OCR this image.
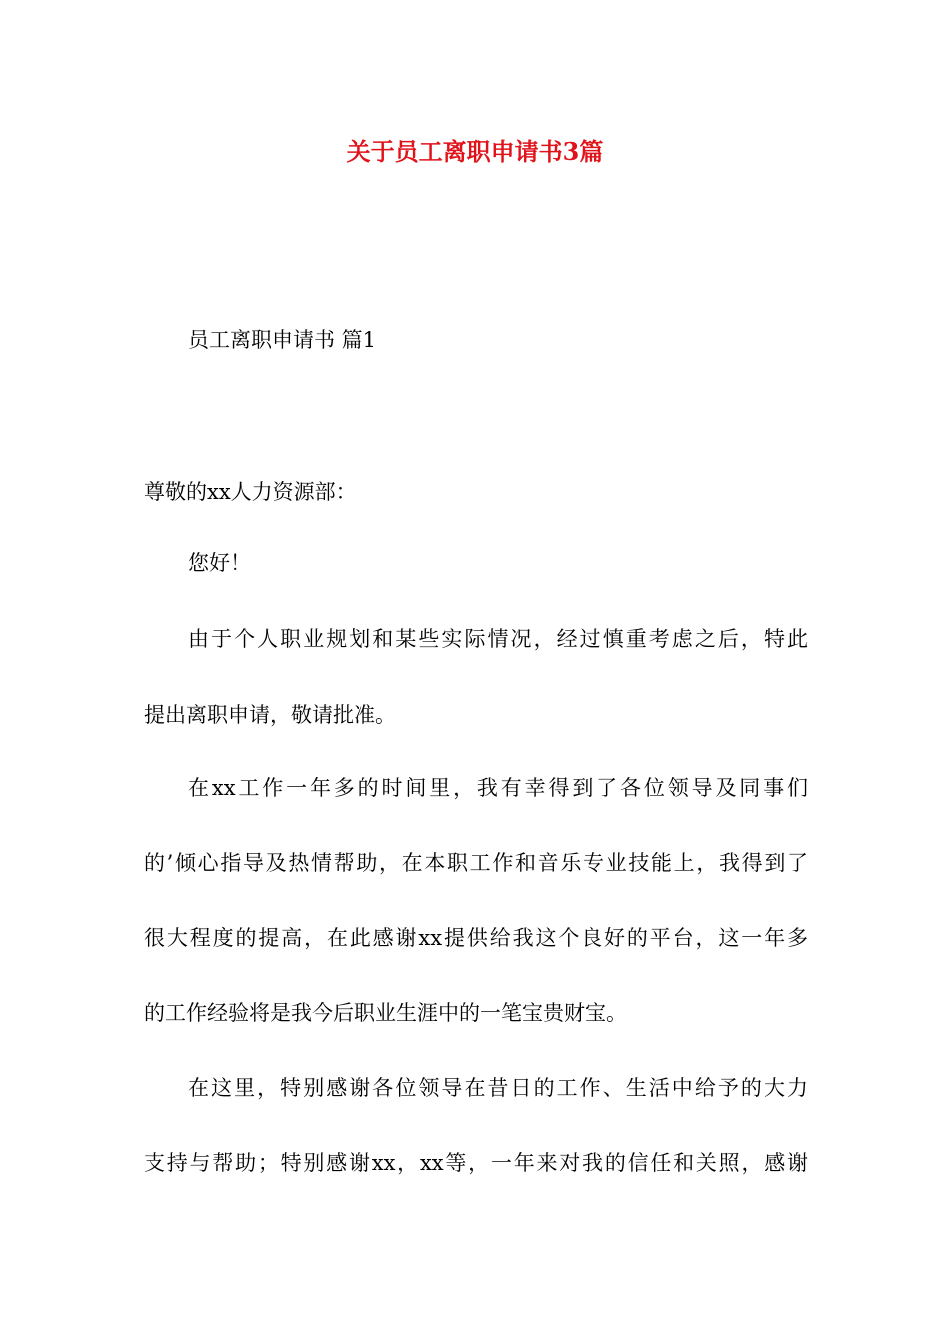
关于员工离职申请书3篇
员工离职申请书 篇1
尊敬的xx人力资源部：
您好！
由于个人职业规划和某些实际情况，经过慎重考虑之后，特此
提出离职申请，敬请批准。
在xx工作一年多的时间里，我有幸得到了各位领导及同事们
的’倾心指导及热情帮助，在本职工作和音乐专业技能上，我得到了
很大程度的提高，在此感谢xx提供给我这个良好的平台，这一年多
的工作经验将是我今后职业生涯中的一笔宝贵财宝。
在这里，特别感谢各位领导在昔日的工作、生活中给予的大力
支持与帮助；特别感谢xx，xx等，一年来对我的信任和关照，感谢
